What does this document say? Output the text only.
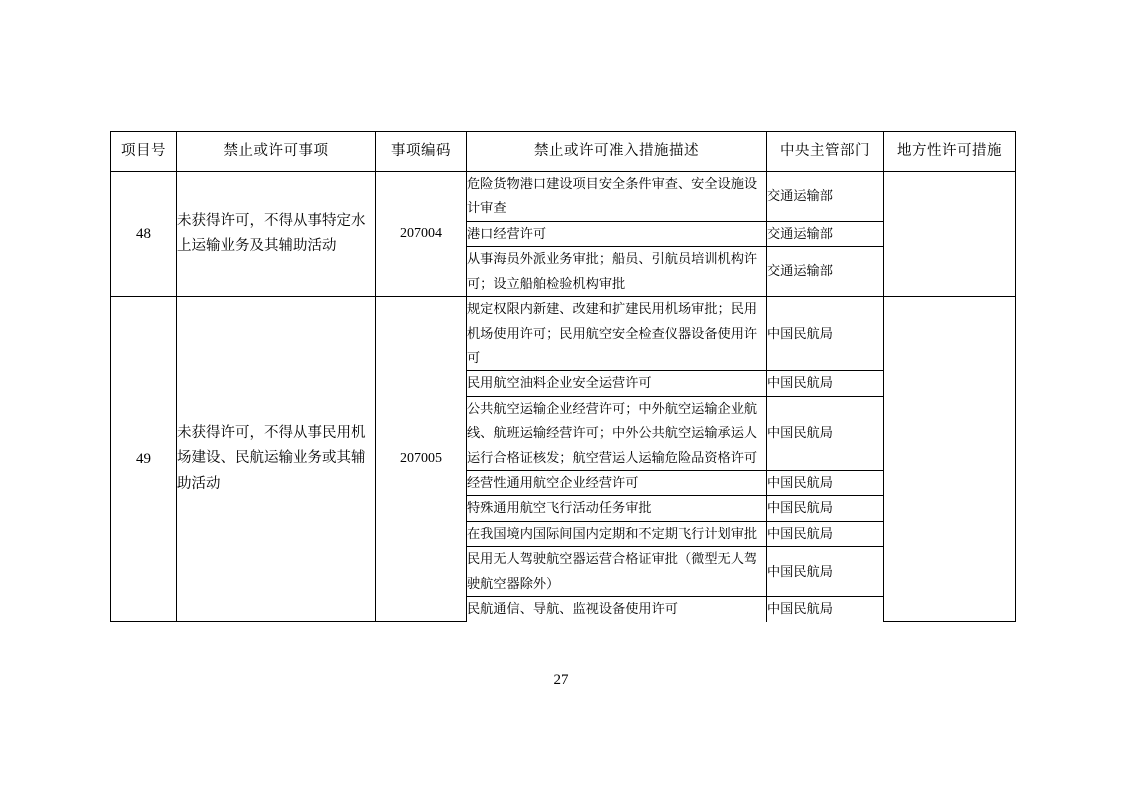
项目号	禁止或许可事项	事项编码	禁止或许可准入措施描述	中央主管部门	地方性许可措施

48	未获得许可，不得从事特定水上运输业务及其辅助活动	207004	危险货物港口建设项目安全条件审查、安全设施设计审查	交通运输部	
			港口经营许可	交通运输部	
			从事海员外派业务审批；船员、引航员培训机构许可；设立船舶检验机构审批	交通运输部	
49	未获得许可，不得从事民用机场建设、民航运输业务或其辅助活动	207005	规定权限内新建、改建和扩建民用机场审批；民用机场使用许可；民用航空安全检查仪器设备使用许可	中国民航局	
			民用航空油料企业安全运营许可	中国民航局	
			公共航空运输企业经营许可；中外航空运输企业航线、航班运输经营许可；中外公共航空运输承运人运行合格证核发；航空营运人运输危险品资格许可	中国民航局	
			经营性通用航空企业经营许可	中国民航局	
			特殊通用航空飞行活动任务审批	中国民航局	
			在我国境内国际间国内定期和不定期飞行计划审批	中国民航局	
			民用无人驾驶航空器运营合格证审批（微型无人驾驶航空器除外）	中国民航局	
			民航通信、导航、监视设备使用许可	中国民航局	
27
